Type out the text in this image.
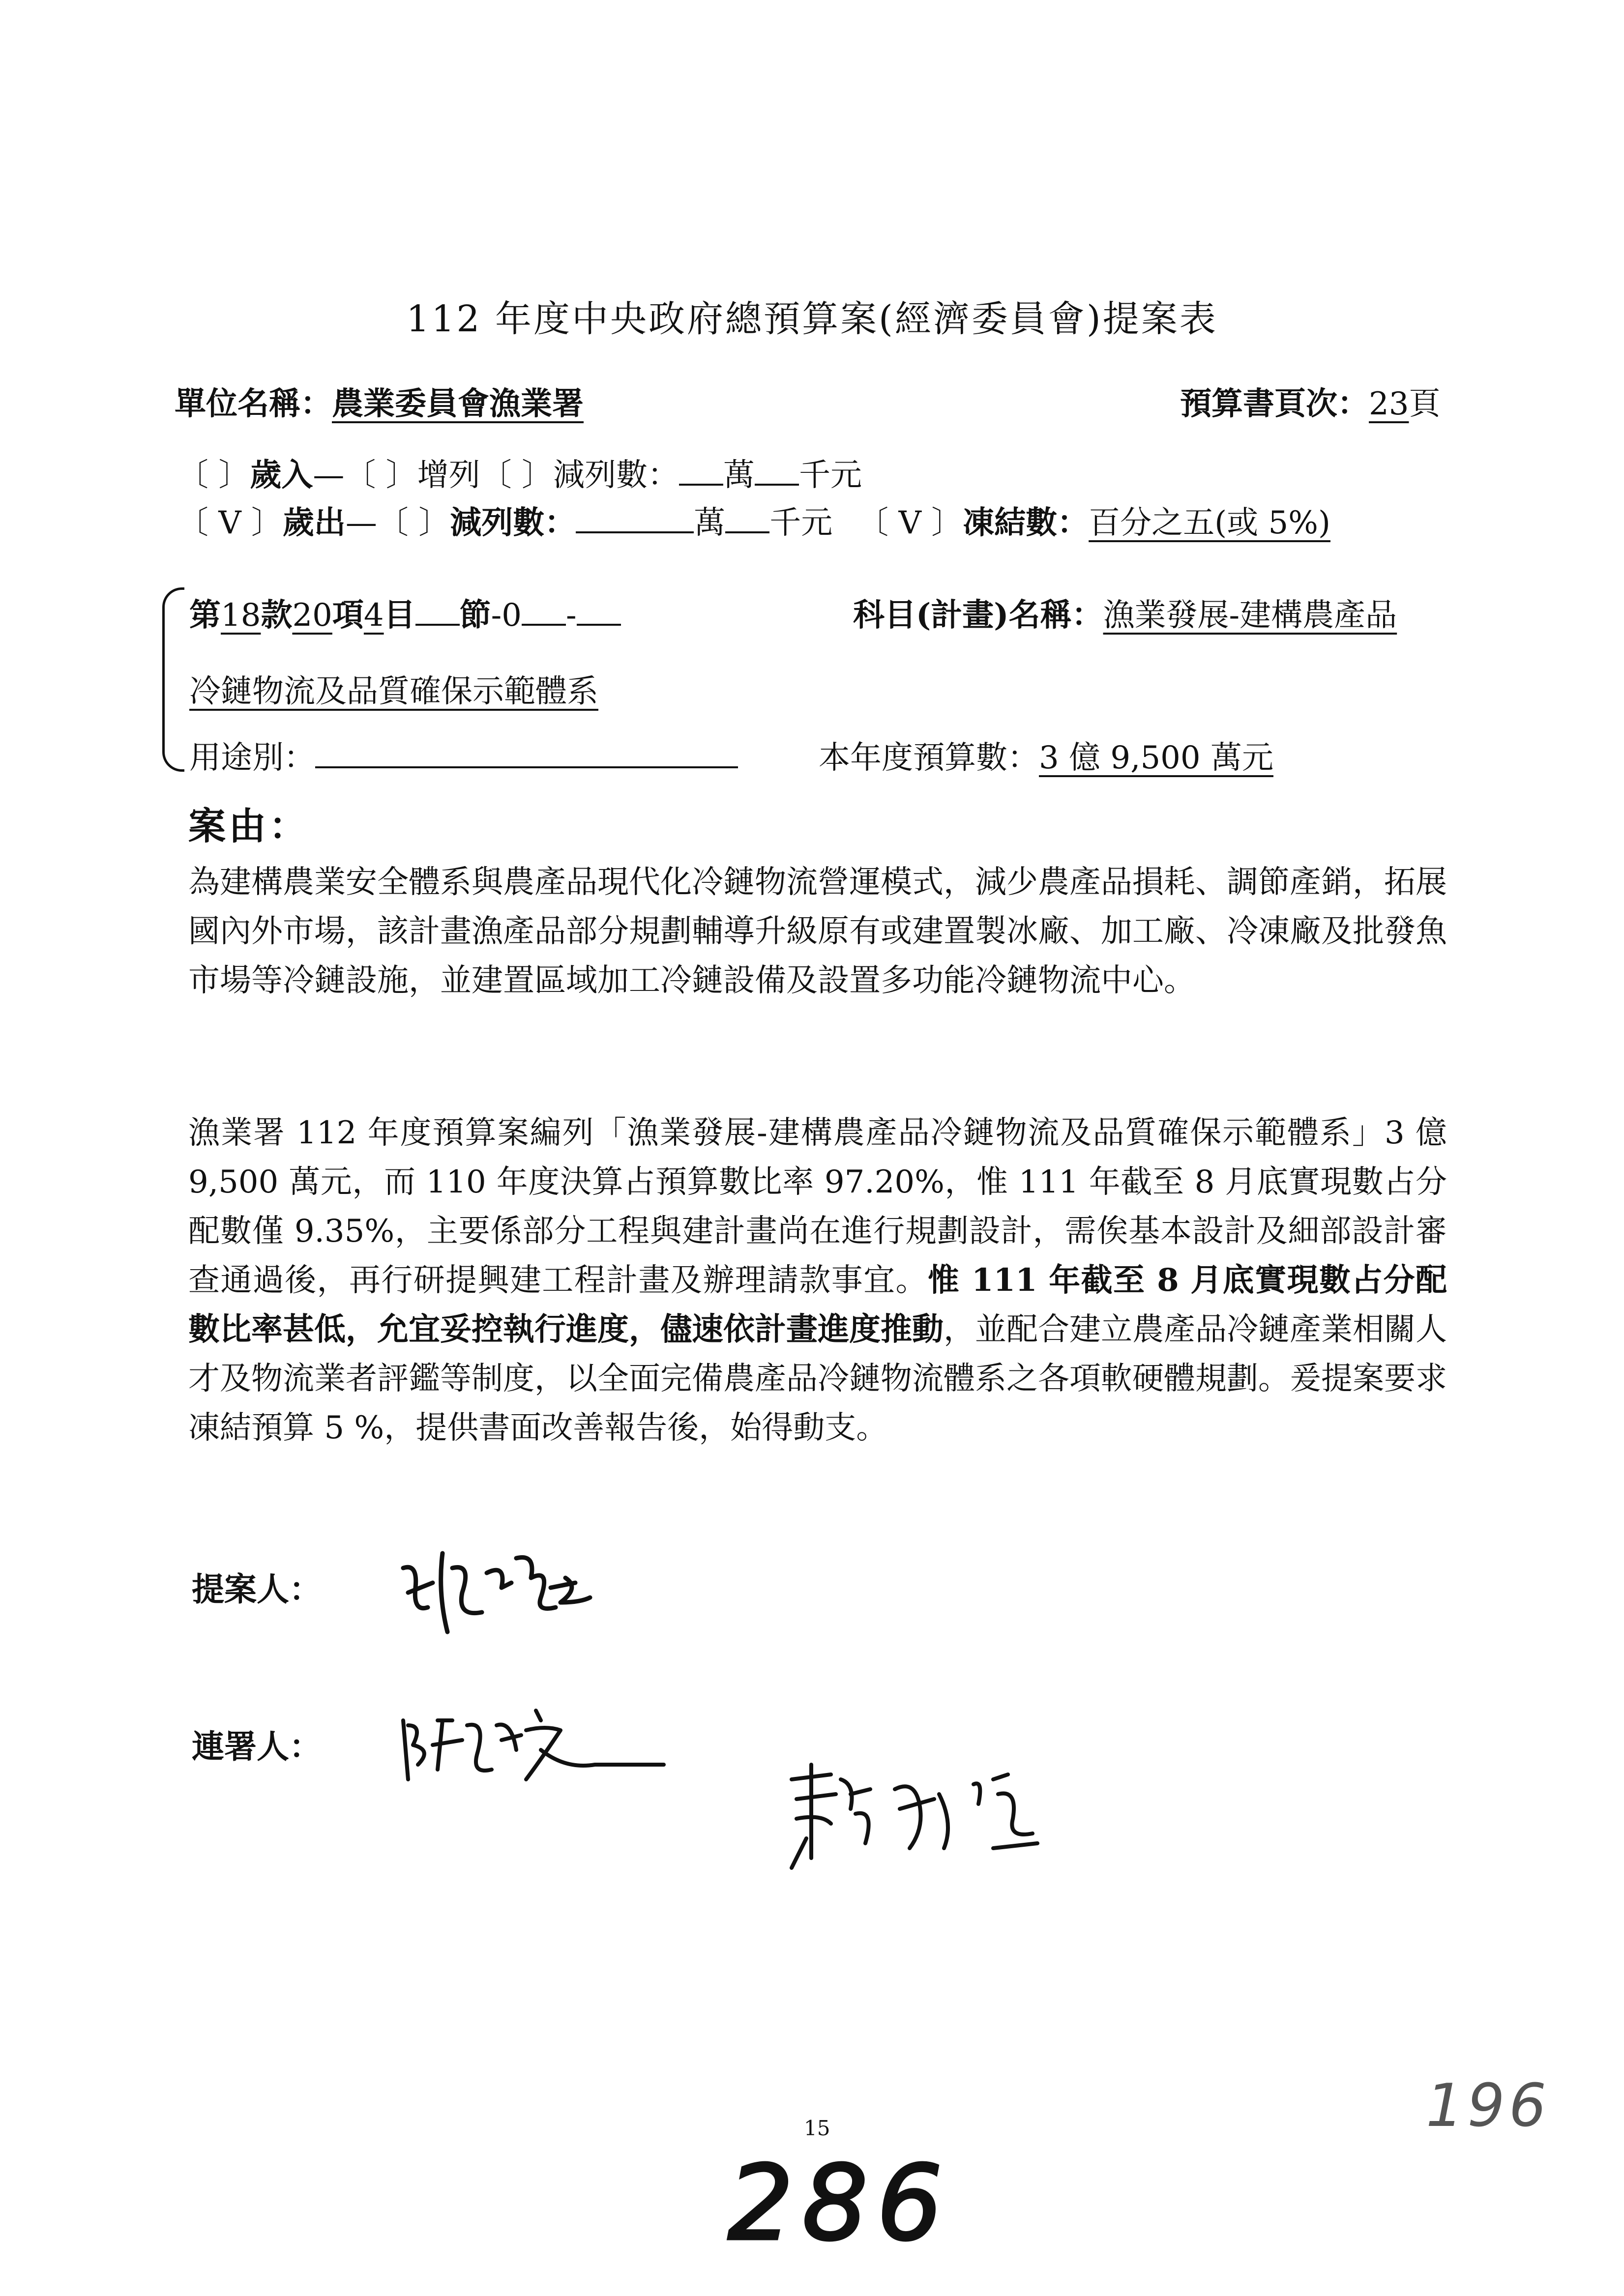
112 年度中央政府總預算案(經濟委員會)提案表
單位名稱：農業委員會漁業署	預算書頁次：23頁
〔 〕歲入—〔 〕增列〔 〕減列數： 萬 千元
〔 V 〕歲出—〔 〕減列數：	萬 千元 〔 V 〕凍結數：百分之五(或 5%)
第18款20項4目 節-0 -	科目(計畫)名稱：漁業發展-建構農產品
冷鏈物流及品質確保示範體系
用途別：	本年度預算數：3 億 9,500 萬元
案由：

為建構農業安全體系與農產品現代化冷鏈物流營運模式，減少農產品損耗、調節產銷，拓展國內外市場，該計畫漁產品部分規劃輔導升級原有或建置製冰廠、加工廠、冷凍廠及批發魚市場等冷鏈設施，並建置區域加工冷鏈設備及設置多功能冷鏈物流中心。

漁業署 112 年度預算案編列「漁業發展-建構農產品冷鏈物流及品質確保示範體系」3 億 9,500 萬元，而 110 年度決算占預算數比率 97.20%，惟 111 年截至 8 月底實現數占分配數僅 9.35%，主要係部分工程與建計畫尚在進行規劃設計，需俟基本設計及細部設計審查通過後，再行研提興建工程計畫及辦理請款事宜。惟 111 年截至 8 月底實現數占分配數比率甚低，允宜妥控執行進度，儘速依計畫進度推動，並配合建立農產品冷鏈產業相關人才及物流業者評鑑等制度，以全面完備農產品冷鏈物流體系之各項軟硬體規劃。爰提案要求凍結預算 5 %，提供書面改善報告後，始得動支。

提案人：
連署人：
15
286
196
